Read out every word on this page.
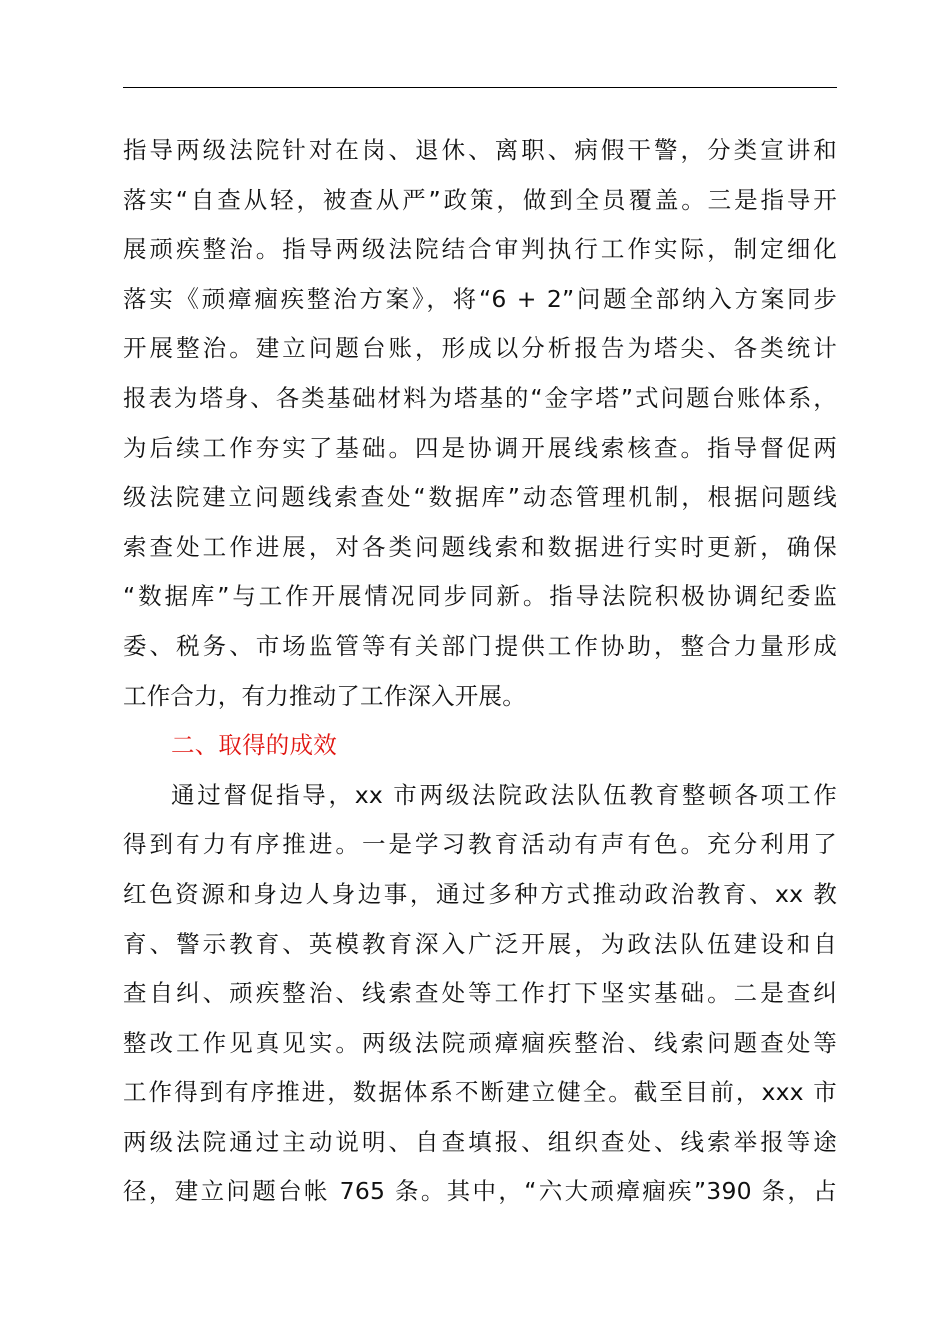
指导两级法院针对在岗、退休、离职、病假干警，分类宣讲和
落实“自查从轻，被查从严”政策，做到全员覆盖。三是指导开
展顽疾整治。指导两级法院结合审判执行工作实际，制定细化
落实《顽瘴痼疾整治方案》，将“6 + 2”问题全部纳入方案同步
开展整治。建立问题台账，形成以分析报告为塔尖、各类统计
报表为塔身、各类基础材料为塔基的“金字塔”式问题台账体系，
为后续工作夯实了基础。四是协调开展线索核查。指导督促两
级法院建立问题线索查处“数据库”动态管理机制，根据问题线
索查处工作进展，对各类问题线索和数据进行实时更新，确保
“数据库”与工作开展情况同步同新。指导法院积极协调纪委监
委、税务、市场监管等有关部门提供工作协助，整合力量形成
工作合力，有力推动了工作深入开展。
二、取得的成效
通过督促指导，xx 市两级法院政法队伍教育整顿各项工作
得到有力有序推进。一是学习教育活动有声有色。充分利用了
红色资源和身边人身边事，通过多种方式推动政治教育、xx 教
育、警示教育、英模教育深入广泛开展，为政法队伍建设和自
查自纠、顽疾整治、线索查处等工作打下坚实基础。二是查纠
整改工作见真见实。两级法院顽瘴痼疾整治、线索问题查处等
工作得到有序推进，数据体系不断建立健全。截至目前，xxx 市
两级法院通过主动说明、自查填报、组织查处、线索举报等途
径，建立问题台帐 765 条。其中，“六大顽瘴痼疾”390 条，占
